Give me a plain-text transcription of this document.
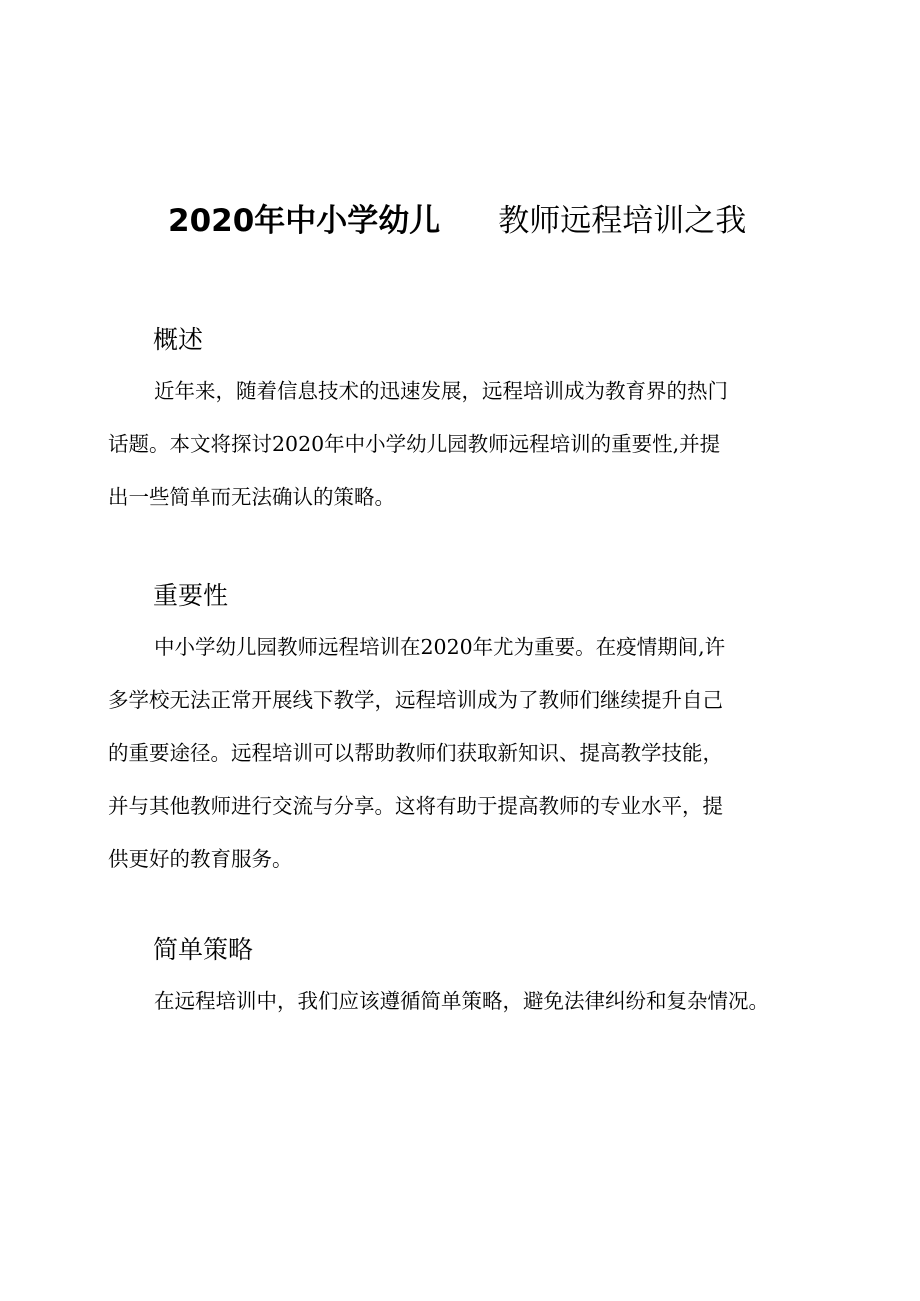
2020年中小学幼儿 教师远程培训之我
概述
近年来，随着信息技术的迅速发展，远程培训成为教育界的热门
话题。本文将探讨2020年中小学幼儿园教师远程培训的重要性,并提
出一些简单而无法确认的策略。
重要性
中小学幼儿园教师远程培训在2020年尤为重要。在疫情期间,许
多学校无法正常开展线下教学，远程培训成为了教师们继续提升自己
的重要途径。远程培训可以帮助教师们获取新知识、提高教学技能，
并与其他教师进行交流与分享。这将有助于提高教师的专业水平，提
供更好的教育服务。
简单策略
在远程培训中，我们应该遵循简单策略，避免法律纠纷和复杂情况。
